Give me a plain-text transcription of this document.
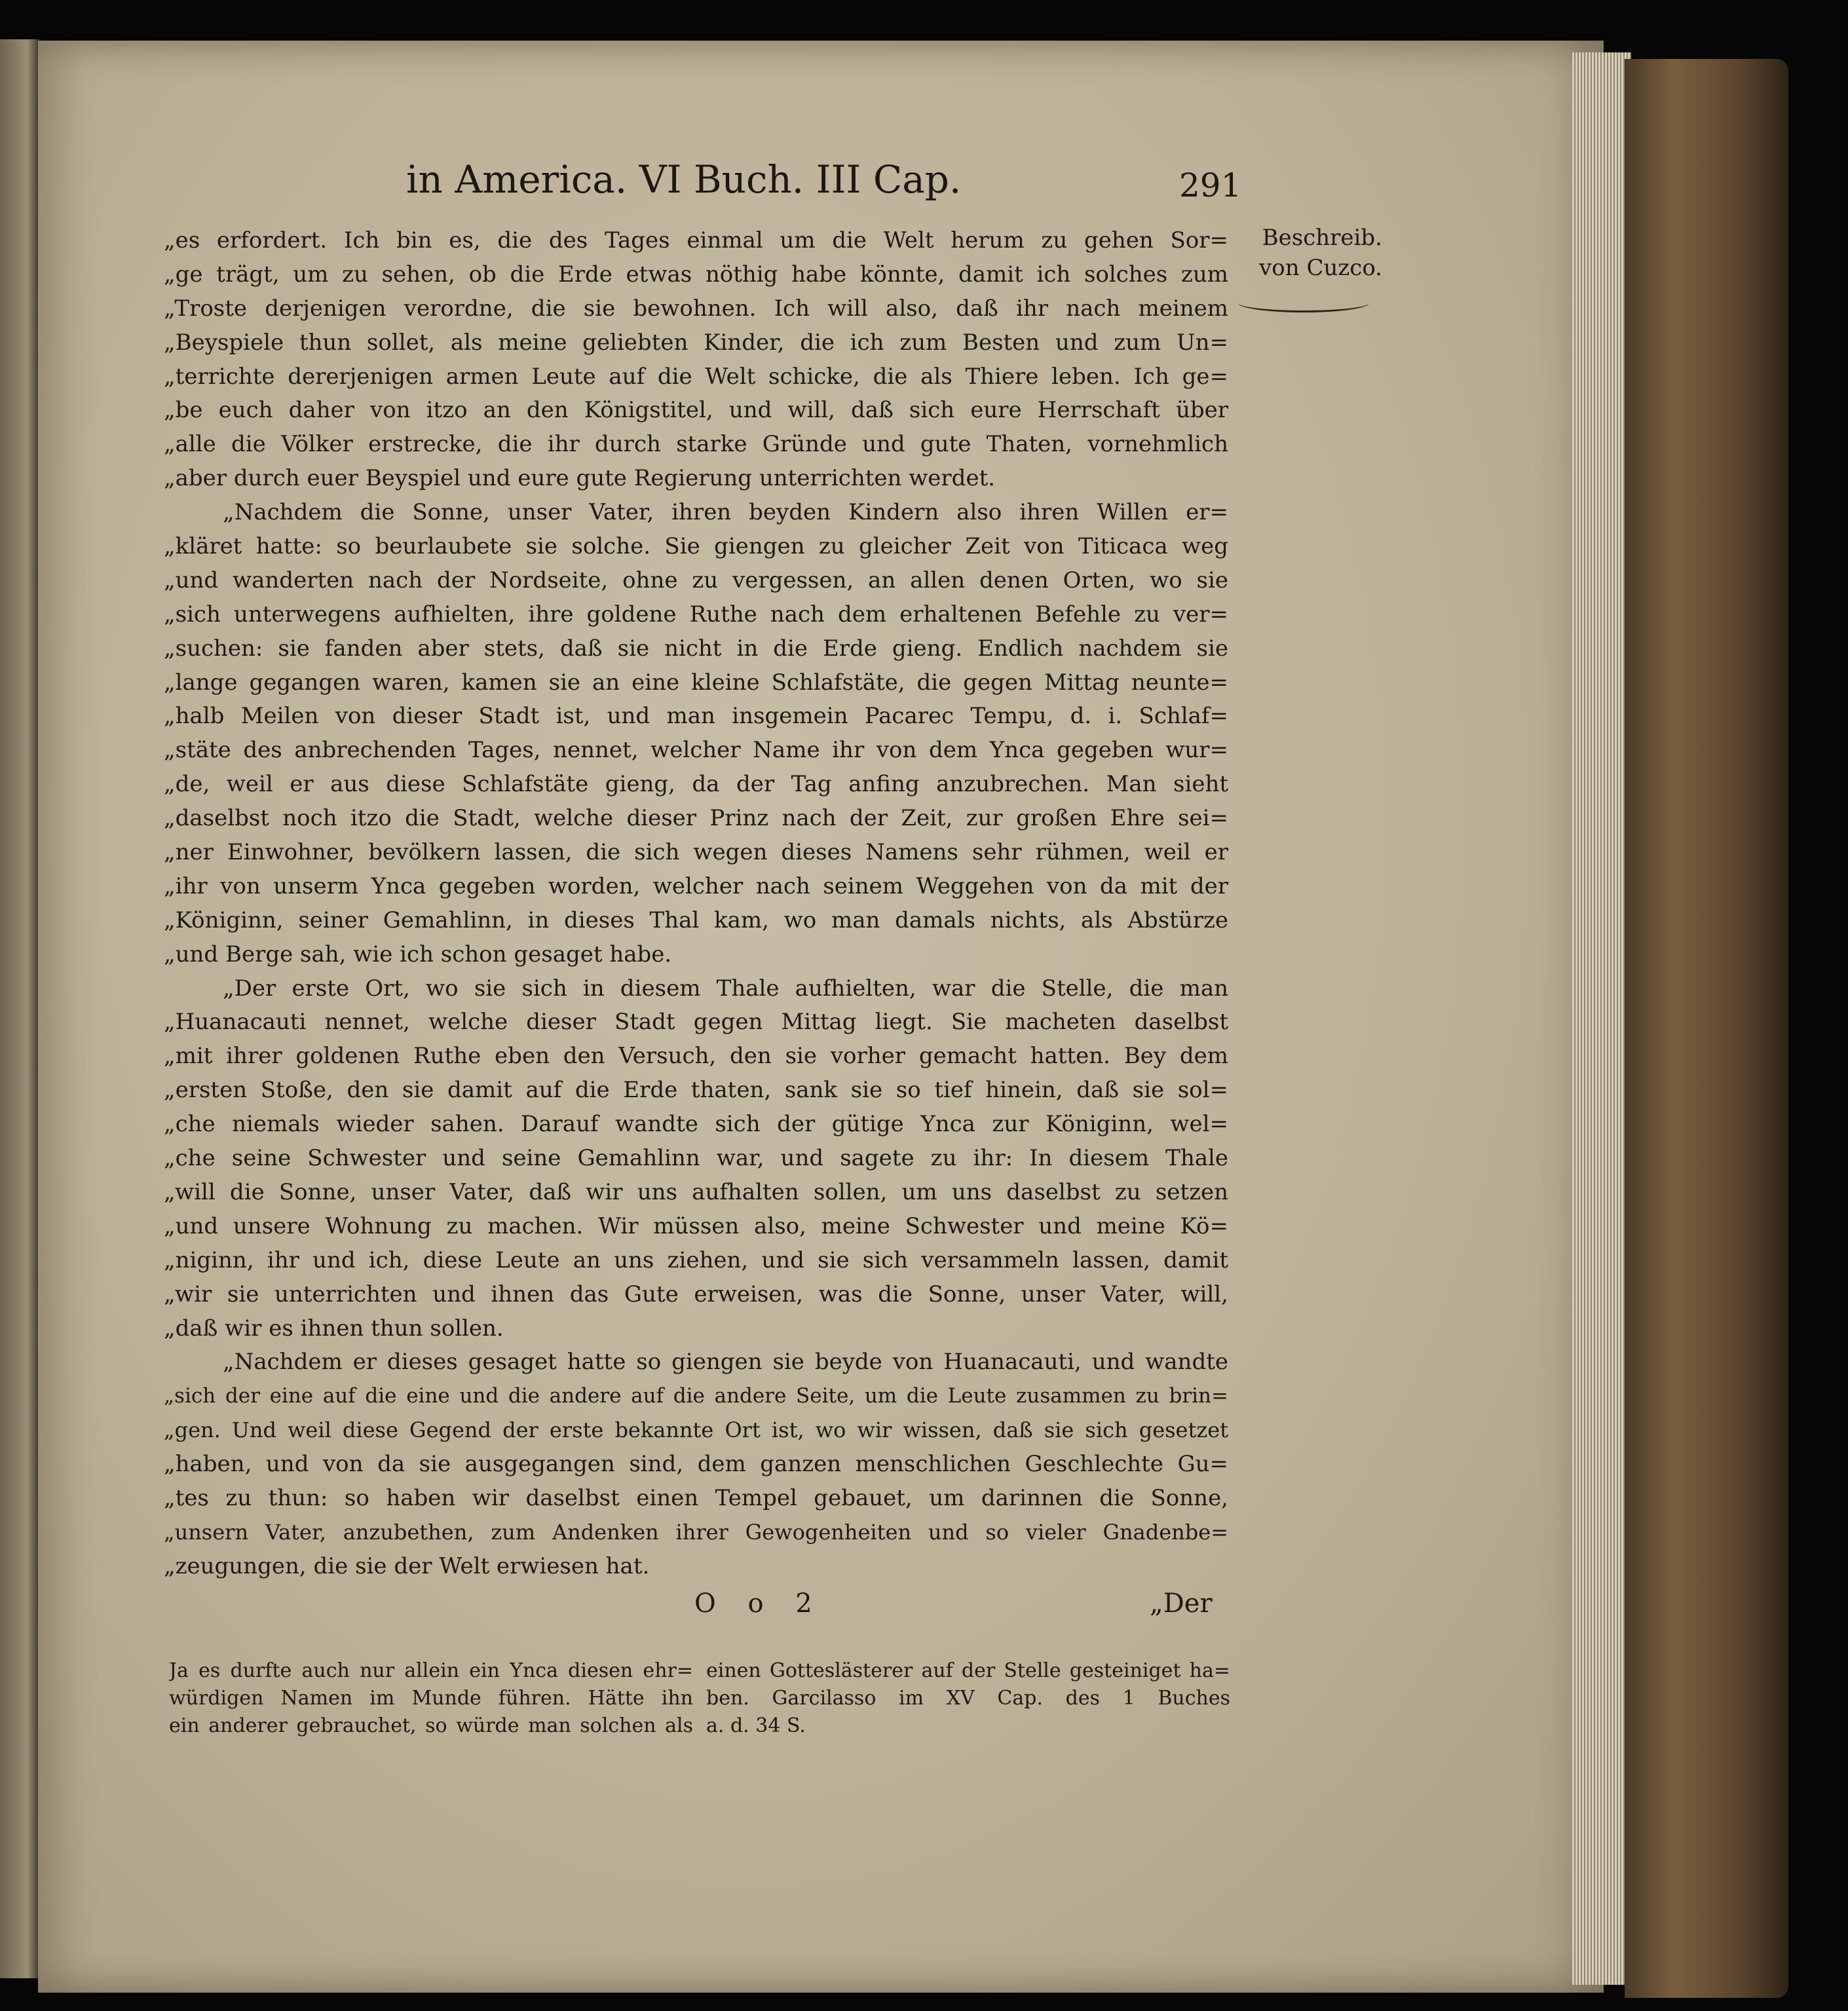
in America. VI Buch. III Cap.	291
Beschreib.
von Cuzco.
„es erfordert. Ich bin es, die des Tages einmal um die Welt herum zu gehen Sor=
„ge trägt, um zu sehen, ob die Erde etwas nöthig habe könnte, damit ich solches zum
„Troste derjenigen verordne, die sie bewohnen. Ich will also, daß ihr nach meinem
„Beyspiele thun sollet, als meine geliebten Kinder, die ich zum Besten und zum Un=
„terrichte dererjenigen armen Leute auf die Welt schicke, die als Thiere leben. Ich ge=
„be euch daher von itzo an den Königstitel, und will, daß sich eure Herrschaft über
„alle die Völker erstrecke, die ihr durch starke Gründe und gute Thaten, vornehmlich
„aber durch euer Beyspiel und eure gute Regierung unterrichten werdet.
„Nachdem die Sonne, unser Vater, ihren beyden Kindern also ihren Willen er=
„kläret hatte: so beurlaubete sie solche. Sie giengen zu gleicher Zeit von Titicaca weg
„und wanderten nach der Nordseite, ohne zu vergessen, an allen denen Orten, wo sie
„sich unterwegens aufhielten, ihre goldene Ruthe nach dem erhaltenen Befehle zu ver=
„suchen: sie fanden aber stets, daß sie nicht in die Erde gieng. Endlich nachdem sie
„lange gegangen waren, kamen sie an eine kleine Schlafstäte, die gegen Mittag neunte=
„halb Meilen von dieser Stadt ist, und man insgemein Pacarec Tempu, d. i. Schlaf=
„stäte des anbrechenden Tages, nennet, welcher Name ihr von dem Ynca gegeben wur=
„de, weil er aus diese Schlafstäte gieng, da der Tag anfing anzubrechen. Man sieht
„daselbst noch itzo die Stadt, welche dieser Prinz nach der Zeit, zur großen Ehre sei=
„ner Einwohner, bevölkern lassen, die sich wegen dieses Namens sehr rühmen, weil er
„ihr von unserm Ynca gegeben worden, welcher nach seinem Weggehen von da mit der
„Königinn, seiner Gemahlinn, in dieses Thal kam, wo man damals nichts, als Abstürze
„und Berge sah, wie ich schon gesaget habe.
„Der erste Ort, wo sie sich in diesem Thale aufhielten, war die Stelle, die man
„Huanacauti nennet, welche dieser Stadt gegen Mittag liegt. Sie macheten daselbst
„mit ihrer goldenen Ruthe eben den Versuch, den sie vorher gemacht hatten. Bey dem
„ersten Stoße, den sie damit auf die Erde thaten, sank sie so tief hinein, daß sie sol=
„che niemals wieder sahen. Darauf wandte sich der gütige Ynca zur Königinn, wel=
„che seine Schwester und seine Gemahlinn war, und sagete zu ihr: In diesem Thale
„will die Sonne, unser Vater, daß wir uns aufhalten sollen, um uns daselbst zu setzen
„und unsere Wohnung zu machen. Wir müssen also, meine Schwester und meine Kö=
„niginn, ihr und ich, diese Leute an uns ziehen, und sie sich versammeln lassen, damit
„wir sie unterrichten und ihnen das Gute erweisen, was die Sonne, unser Vater, will,
„daß wir es ihnen thun sollen.
„Nachdem er dieses gesaget hatte so giengen sie beyde von Huanacauti, und wandte
„sich der eine auf die eine und die andere auf die andere Seite, um die Leute zusammen zu brin=
„gen. Und weil diese Gegend der erste bekannte Ort ist, wo wir wissen, daß sie sich gesetzet
„haben, und von da sie ausgegangen sind, dem ganzen menschlichen Geschlechte Gu=
„tes zu thun: so haben wir daselbst einen Tempel gebauet, um darinnen die Sonne,
„unsern Vater, anzubethen, zum Andenken ihrer Gewogenheiten und so vieler Gnadenbe=
„zeugungen, die sie der Welt erwiesen hat.
O o 2	„Der
Ja es durfte auch nur allein ein Ynca diesen ehr=
würdigen Namen im Munde führen. Hätte ihn
ein anderer gebrauchet, so würde man solchen als
einen Gotteslästerer auf der Stelle gesteiniget ha=
ben. Garcilasso im XV Cap. des 1 Buches
a. d. 34 S.
